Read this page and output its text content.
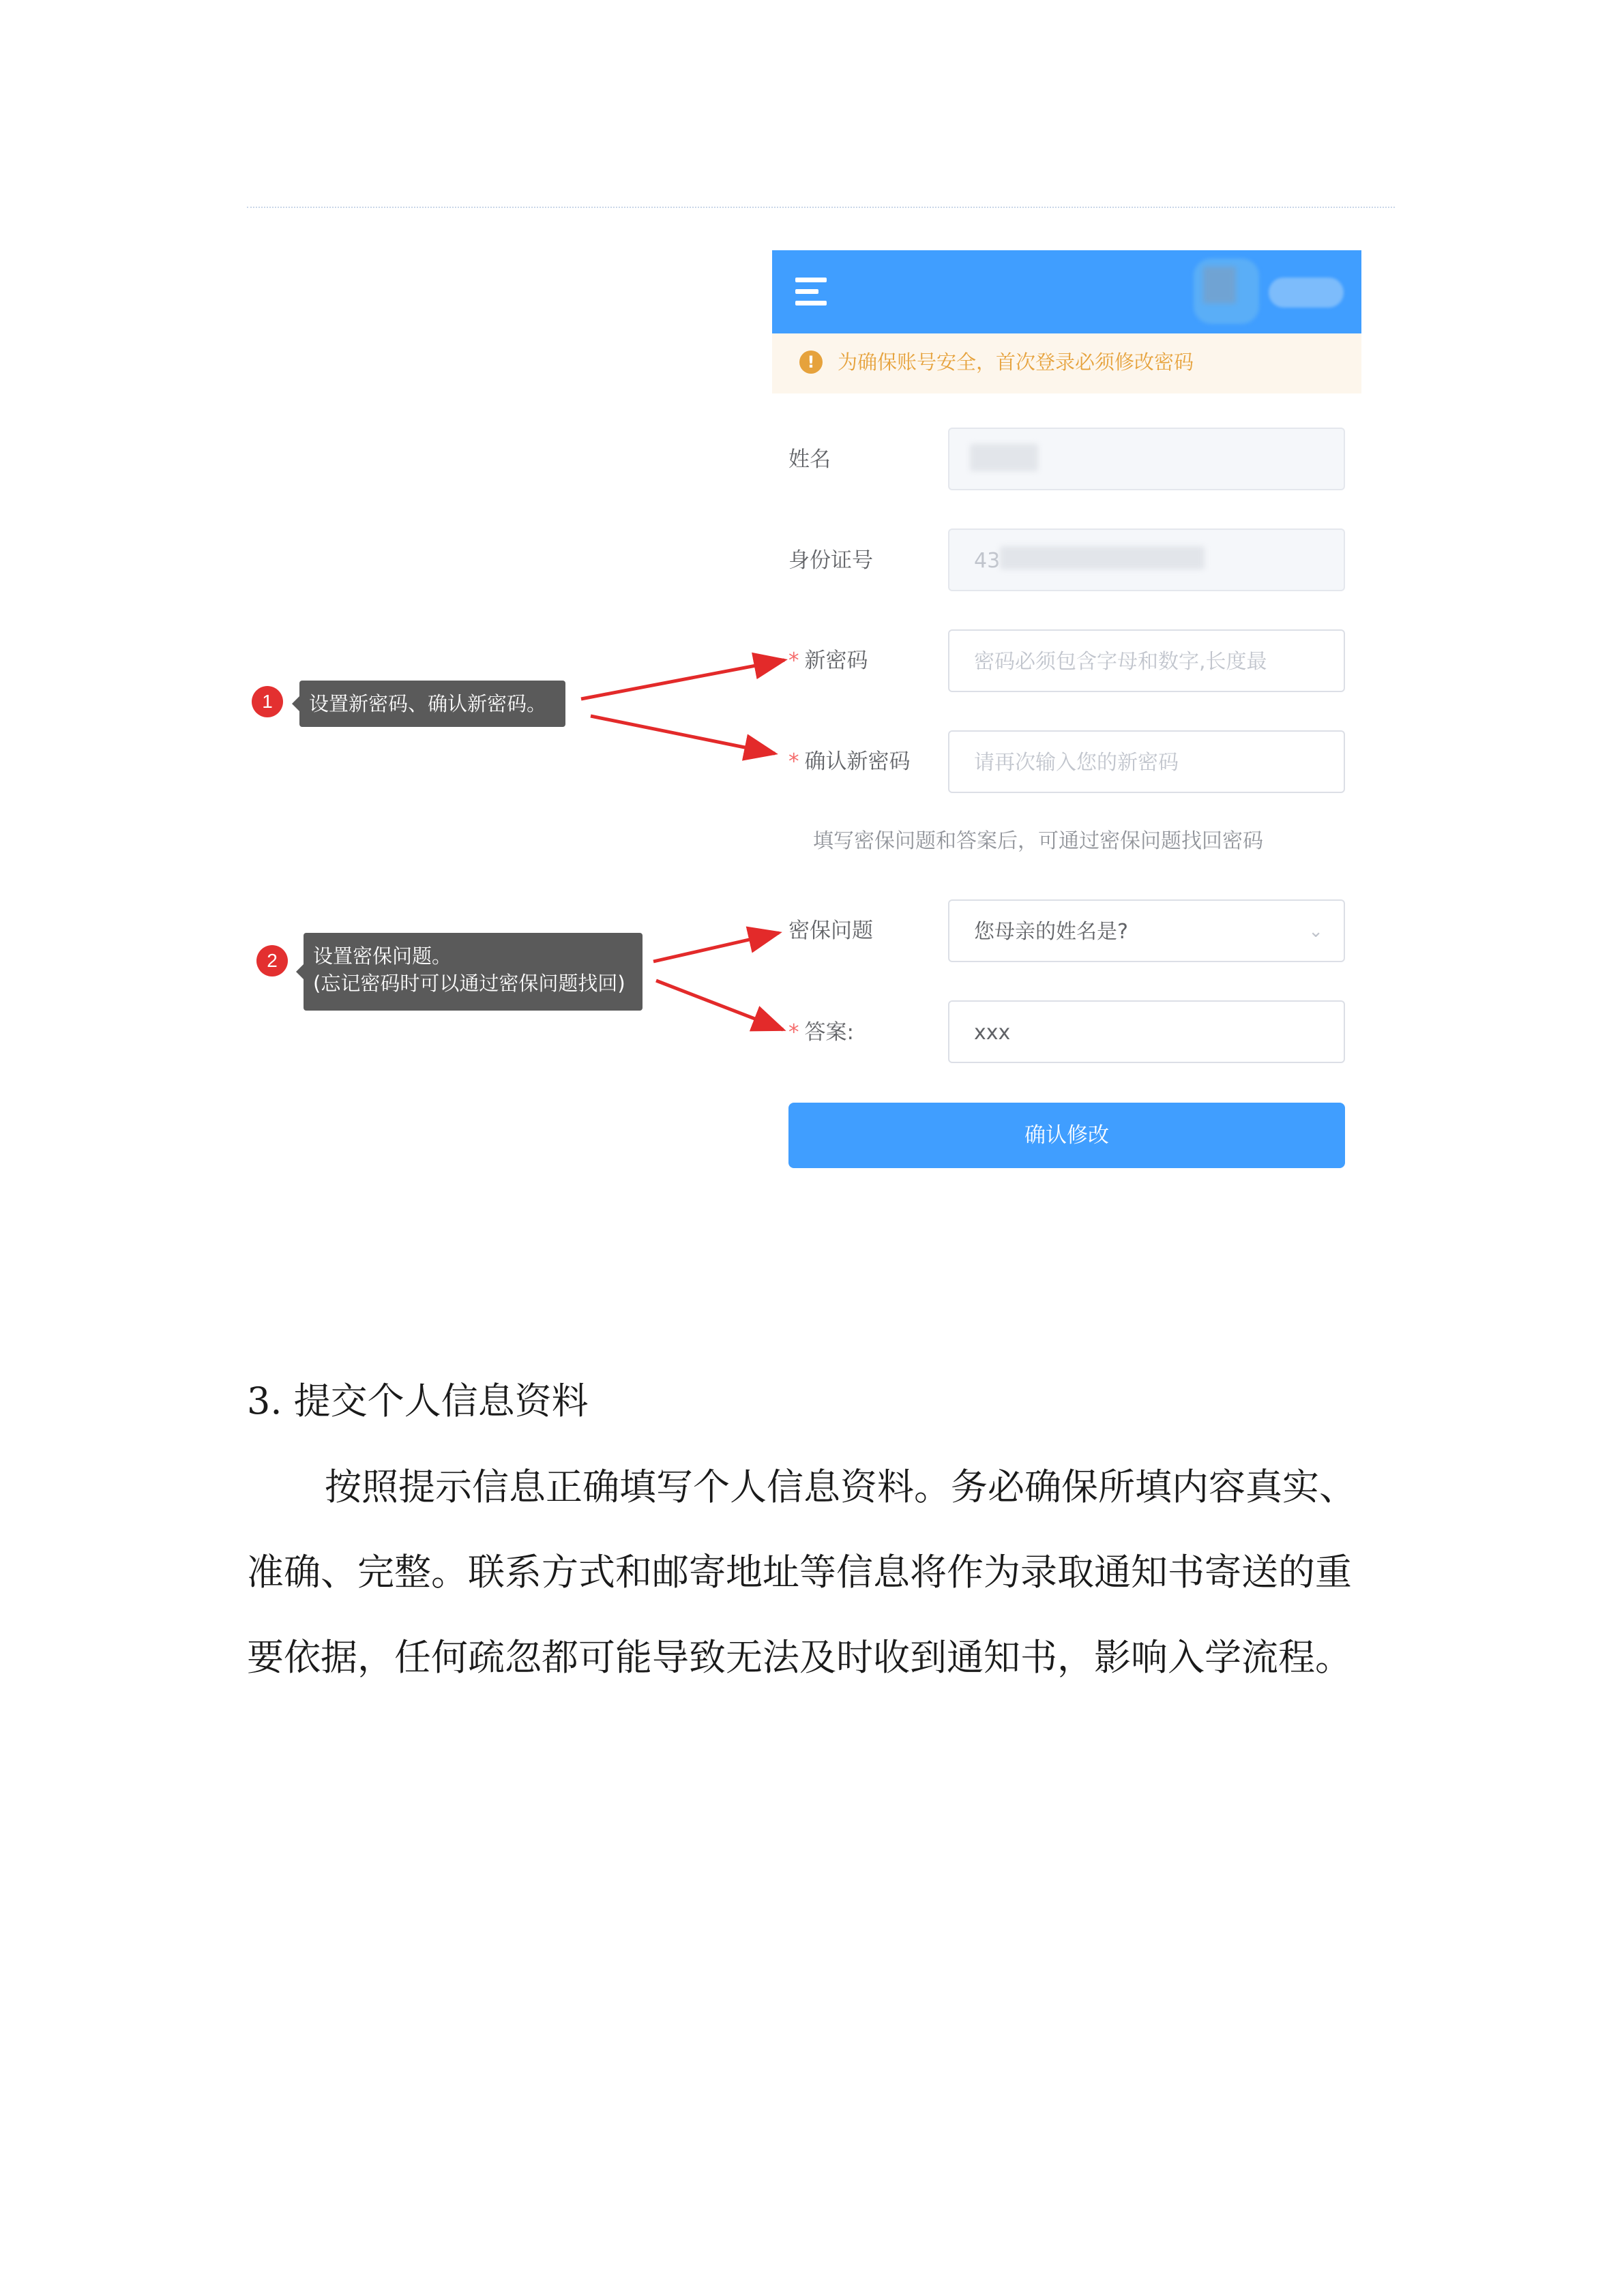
!	为确保账号安全，首次登录必须修改密码
姓名
身份证号	43
* 新密码	密码必须包含字母和数字,长度最
* 确认新密码	请再次输入您的新密码
填写密保问题和答案后，可通过密保问题找回密码
密保问题	您母亲的姓名是?	⌄
* 答案:	xxx
确认修改
1	设置新密码、确认新密码。
2	设置密保问题。
(忘记密码时可以通过密保问题找回)
3. 提交个人信息资料
按照提示信息正确填写个人信息资料。务必确保所填内容真实、
准确、完整。联系方式和邮寄地址等信息将作为录取通知书寄送的重
要依据，任何疏忽都可能导致无法及时收到通知书，影响入学流程。
